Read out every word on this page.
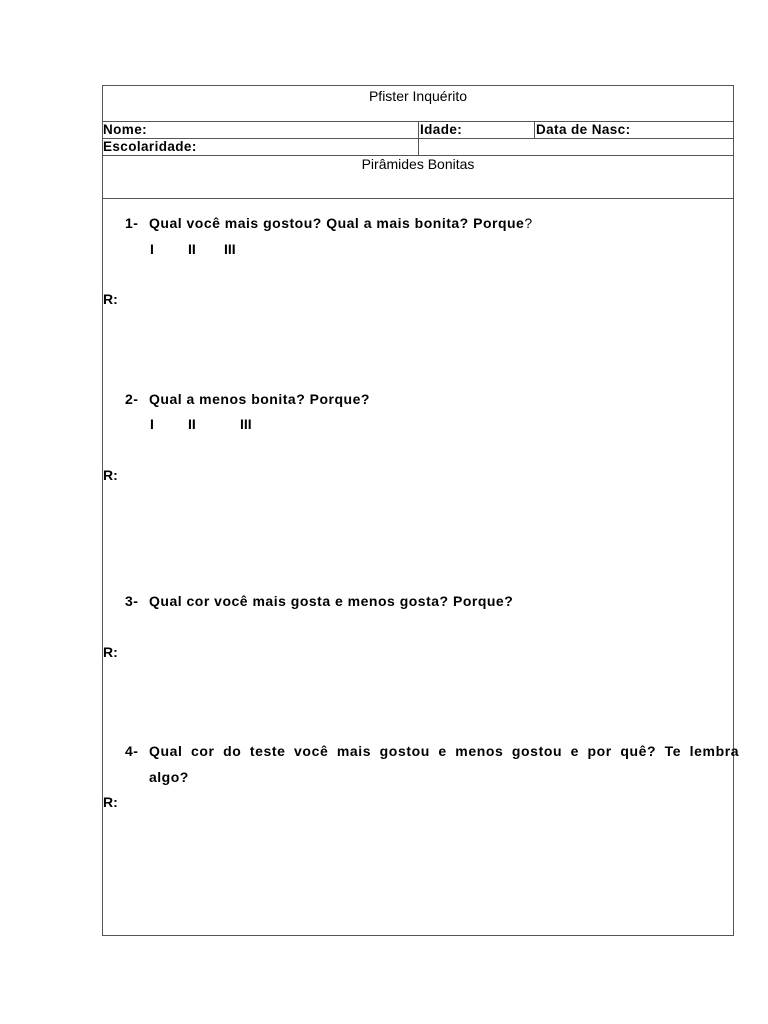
Pfister Inquérito
Nome:	Idade:	Data de Nasc:
Escolaridade:
Pirâmides Bonitas
1- Qual você mais gostou? Qual a mais bonita? Porque?
I II III
R:
2- Qual a menos bonita? Porque?
I II	III
R:
3- Qual cor você mais gosta e menos gosta? Porque?
R:
4- Qual cor do teste você mais gostou e menos gostou e por quê? Te lembra
algo?
R:
